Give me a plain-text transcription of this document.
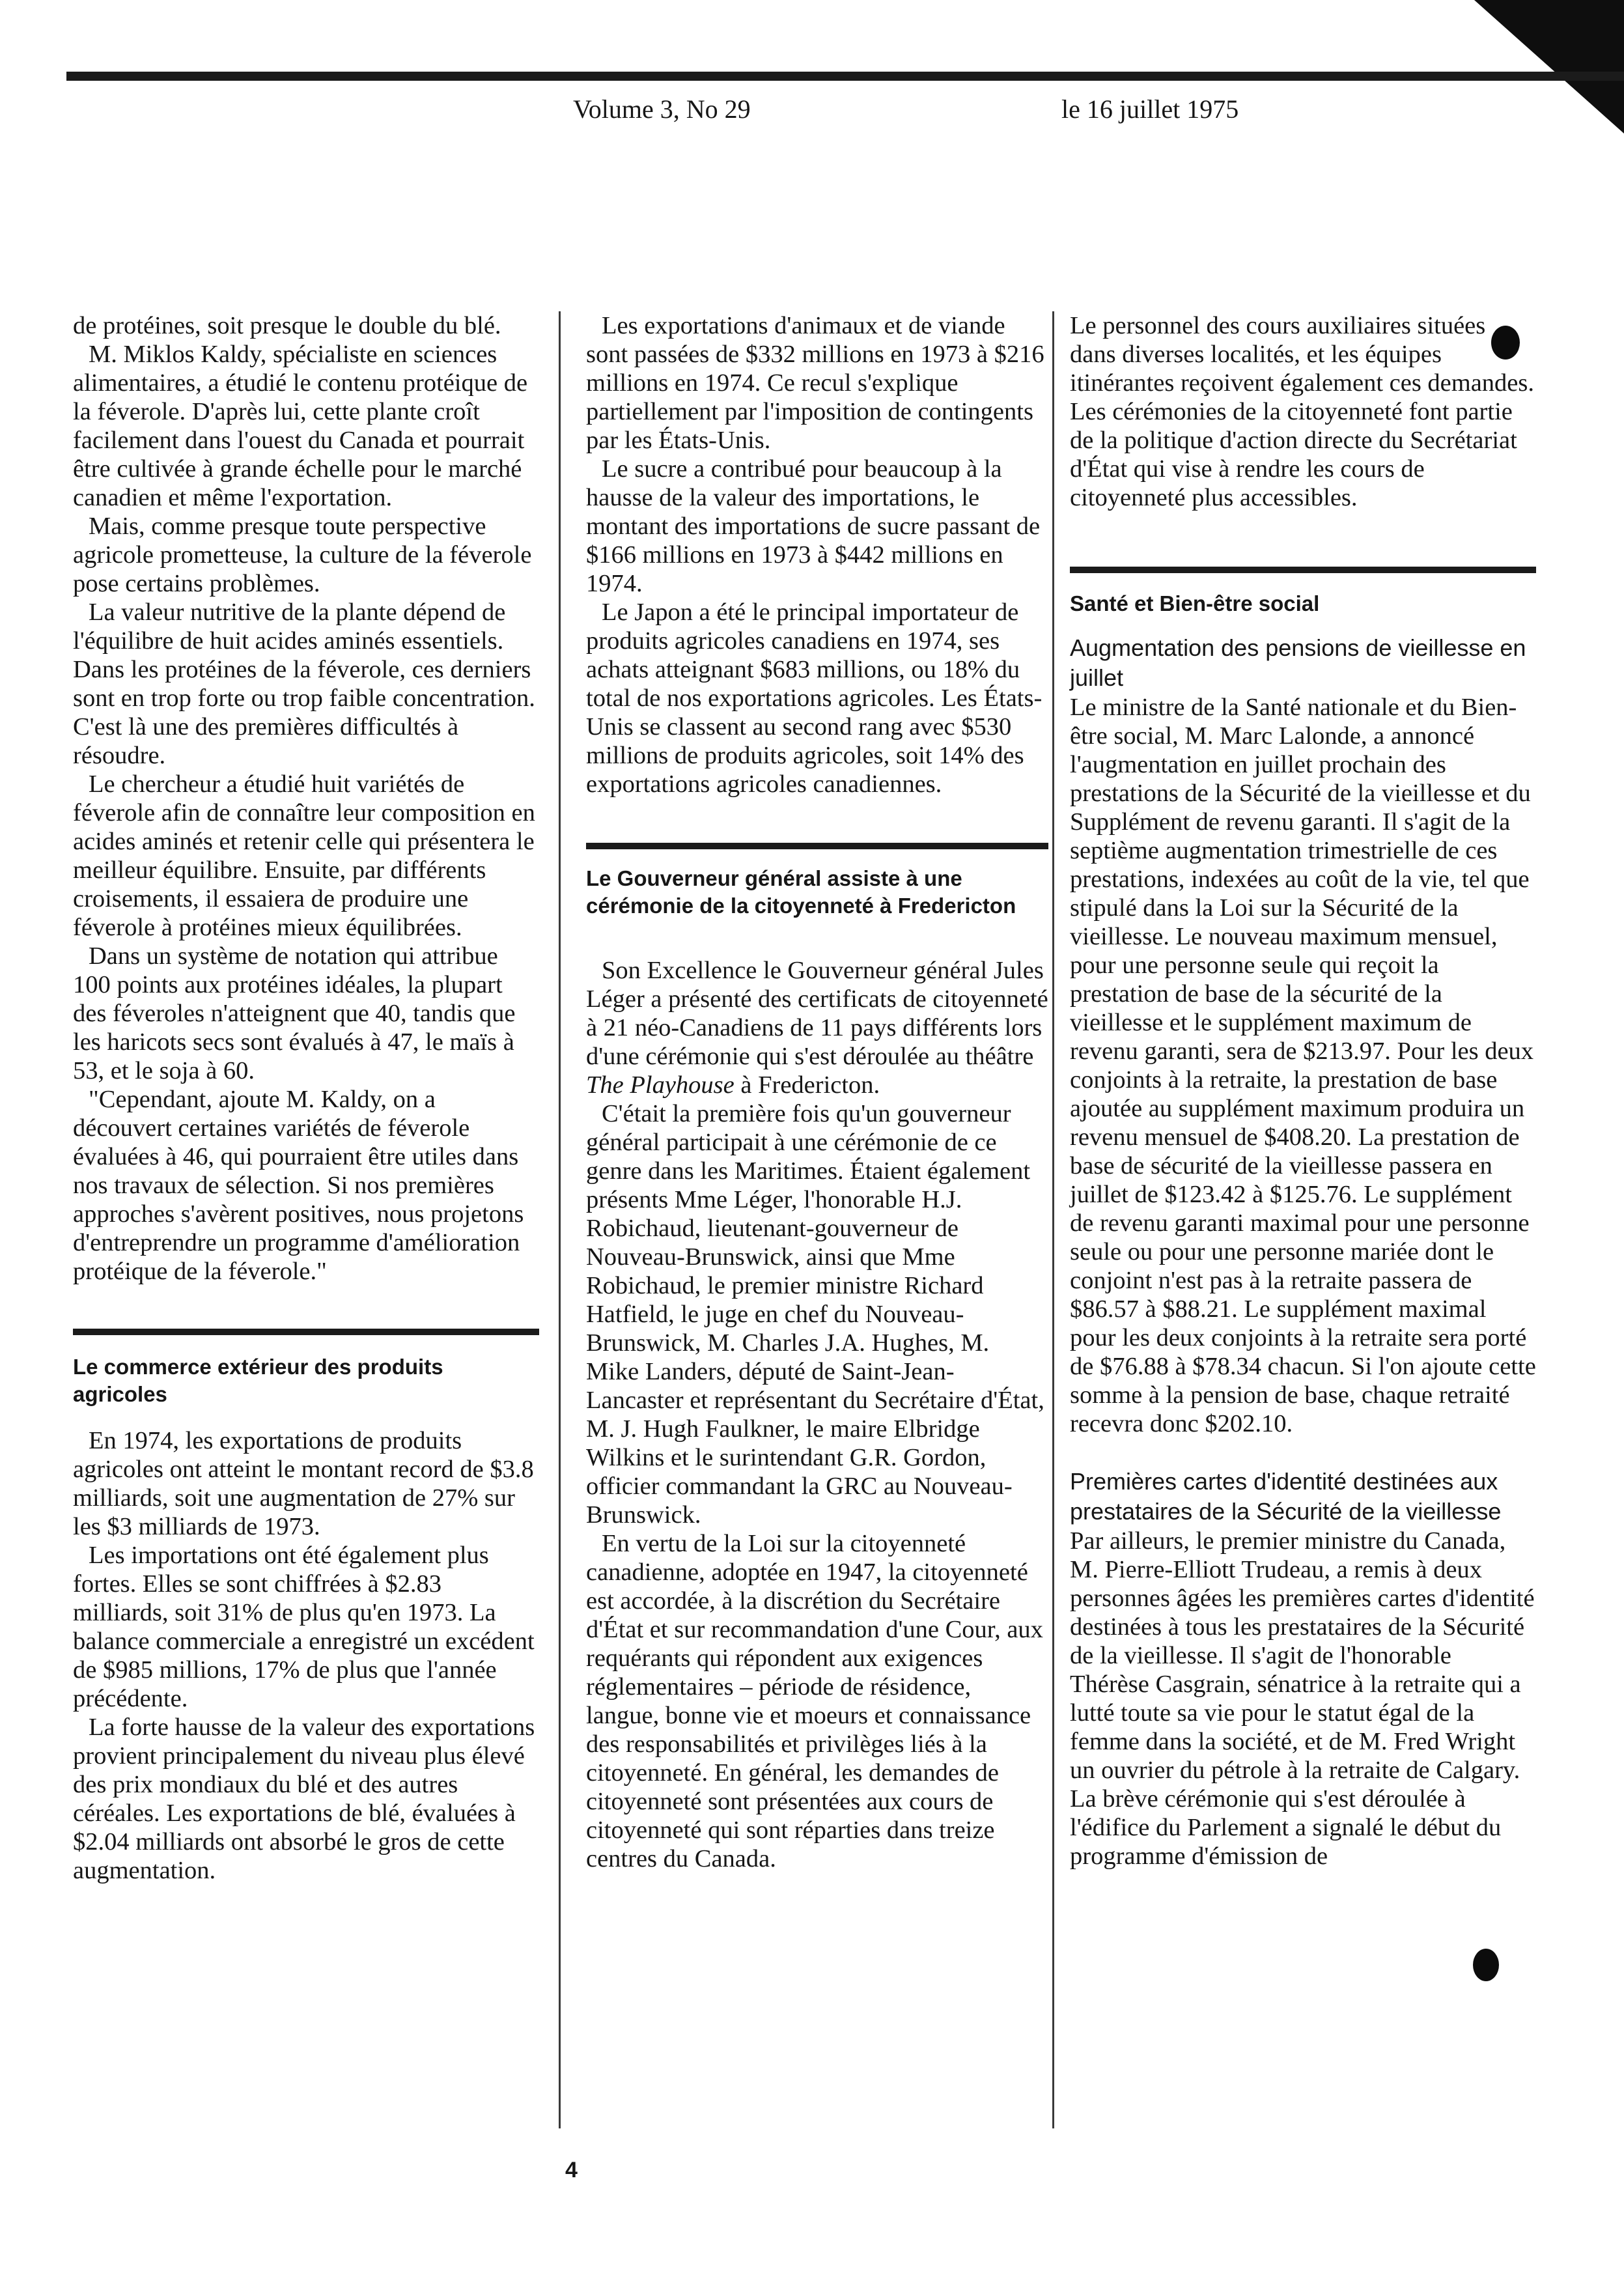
Volume 3, No 29	le 16 juillet 1975

de protéines, soit presque le double du blé.

M. Miklos Kaldy, spécialiste en sciences alimentaires, a étudié le contenu protéique de la féverole. D'après lui, cette plante croît facilement dans l'ouest du Canada et pourrait être cultivée à grande échelle pour le marché canadien et même l'exportation.

Mais, comme presque toute perspective agricole prometteuse, la culture de la féverole pose certains problèmes.

La valeur nutritive de la plante dépend de l'équilibre de huit acides aminés essentiels. Dans les protéines de la féverole, ces derniers sont en trop forte ou trop faible concentration. C'est là une des premières difficultés à résoudre.

Le chercheur a étudié huit variétés de féverole afin de connaître leur composition en acides aminés et retenir celle qui présentera le meilleur équilibre. Ensuite, par différents croisements, il essaiera de produire une féverole à protéines mieux équilibrées.

Dans un système de notation qui attribue 100 points aux protéines idéales, la plupart des féveroles n'atteignent que 40, tandis que les haricots secs sont évalués à 47, le maïs à 53, et le soja à 60.

"Cependant, ajoute M. Kaldy, on a découvert certaines variétés de féverole évaluées à 46, qui pourraient être utiles dans nos travaux de sélection. Si nos premières approches s'avèrent positives, nous projetons d'entreprendre un programme d'amélioration protéique de la féverole."

Le commerce extérieur des produits agricoles

En 1974, les exportations de produits agricoles ont atteint le montant record de $3.8 milliards, soit une augmentation de 27% sur les $3 milliards de 1973.

Les importations ont été également plus fortes. Elles se sont chiffrées à $2.83 milliards, soit 31% de plus qu'en 1973. La balance commerciale a enregistré un excédent de $985 millions, 17% de plus que l'année précédente.

La forte hausse de la valeur des exportations provient principalement du niveau plus élevé des prix mondiaux du blé et des autres céréales. Les exportations de blé, évaluées à $2.04 milliards ont absorbé le gros de cette augmentation.

Les exportations d'animaux et de viande sont passées de $332 millions en 1973 à $216 millions en 1974. Ce recul s'explique partiellement par l'imposition de contingents par les États-Unis.

Le sucre a contribué pour beaucoup à la hausse de la valeur des importations, le montant des importations de sucre passant de $166 millions en 1973 à $442 millions en 1974.

Le Japon a été le principal importateur de produits agricoles canadiens en 1974, ses achats atteignant $683 millions, ou 18% du total de nos exportations agricoles. Les États-Unis se classent au second rang avec $530 millions de produits agricoles, soit 14% des exportations agricoles canadiennes.

Le Gouverneur général assiste à une cérémonie de la citoyenneté à Fredericton

Son Excellence le Gouverneur général Jules Léger a présenté des certificats de citoyenneté à 21 néo-Canadiens de 11 pays différents lors d'une cérémonie qui s'est déroulée au théâtre The Playhouse à Fredericton.

C'était la première fois qu'un gouverneur général participait à une cérémonie de ce genre dans les Maritimes. Étaient également présents Mme Léger, l'honorable H.J. Robichaud, lieutenant-gouverneur de Nouveau-Brunswick, ainsi que Mme Robichaud, le premier ministre Richard Hatfield, le juge en chef du Nouveau-Brunswick, M. Charles J.A. Hughes, M. Mike Landers, député de Saint-Jean-Lancaster et représentant du Secrétaire d'État, M. J. Hugh Faulkner, le maire Elbridge Wilkins et le surintendant G.R. Gordon, officier commandant la GRC au Nouveau-Brunswick.

En vertu de la Loi sur la citoyenneté canadienne, adoptée en 1947, la citoyenneté est accordée, à la discrétion du Secrétaire d'État et sur recommandation d'une Cour, aux requérants qui répondent aux exigences réglementaires – période de résidence, langue, bonne vie et moeurs et connaissance des responsabilités et privilèges liés à la citoyenneté. En général, les demandes de citoyenneté sont présentées aux cours de citoyenneté qui sont réparties dans treize centres du Canada.

Le personnel des cours auxiliaires situées dans diverses localités, et les équipes itinérantes reçoivent également ces demandes. Les cérémonies de la citoyenneté font partie de la politique d'action directe du Secrétariat d'État qui vise à rendre les cours de citoyenneté plus accessibles.

Santé et Bien-être social
Augmentation des pensions de vieillesse en juillet

Le ministre de la Santé nationale et du Bien-être social, M. Marc Lalonde, a annoncé l'augmentation en juillet prochain des prestations de la Sécurité de la vieillesse et du Supplément de revenu garanti. Il s'agit de la septième augmentation trimestrielle de ces prestations, indexées au coût de la vie, tel que stipulé dans la Loi sur la Sécurité de la vieillesse. Le nouveau maximum mensuel, pour une personne seule qui reçoit la prestation de base de la sécurité de la vieillesse et le supplément maximum de revenu garanti, sera de $213.97. Pour les deux conjoints à la retraite, la prestation de base ajoutée au supplément maximum produira un revenu mensuel de $408.20. La prestation de base de sécurité de la vieillesse passera en juillet de $123.42 à $125.76. Le supplément de revenu garanti maximal pour une personne seule ou pour une personne mariée dont le conjoint n'est pas à la retraite passera de $86.57 à $88.21. Le supplément maximal pour les deux conjoints à la retraite sera porté de $76.88 à $78.34 chacun. Si l'on ajoute cette somme à la pension de base, chaque retraité recevra donc $202.10.

Premières cartes d'identité destinées aux prestataires de la Sécurité de la vieillesse

Par ailleurs, le premier ministre du Canada, M. Pierre-Elliott Trudeau, a remis à deux personnes âgées les premières cartes d'identité destinées à tous les prestataires de la Sécurité de la vieillesse. Il s'agit de l'honorable Thérèse Casgrain, sénatrice à la retraite qui a lutté toute sa vie pour le statut égal de la femme dans la société, et de M. Fred Wright un ouvrier du pétrole à la retraite de Calgary. La brève cérémonie qui s'est déroulée à l'édifice du Parlement a signalé le début du programme d'émission de

4
